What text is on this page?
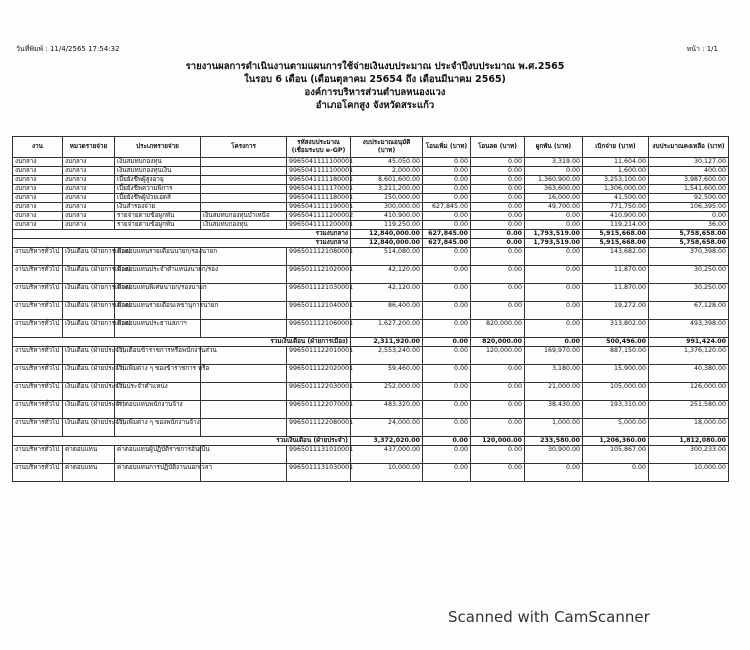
วันที่พิมพ์ : 11/4/2565 17:54:32	หน้า : 1/1
รายงานผลการดำเนินงานตามแผนการใช้จ่ายเงินงบประมาณ ประจำปีงบประมาณ พ.ศ.2565
ในรอบ 6 เดือน (เดือนตุลาคม 25654 ถึง เดือนมีนาคม 2565)
องค์การบริหารส่วนตำบลหนองแวง
อำเภอโคกสูง จังหวัดสระแก้ว
งาน	หมวดรายจ่าย	ประเภทรายจ่าย	โครงการ	รหัสงบประมาณ (เชื่อมระบบ e-GP)	งบประมาณอนุมัติ (บาท)	โอนเพิ่ม (บาท)	โอนลด (บาท)	ผูกพัน (บาท)	เบิกจ่าย (บาท)	งบประมาณคงเหลือ (บาท)
งบกลาง	งบกลาง	เงินสมทบกองทุน		9965041111100001	45,050.00	0.00	0.00	3,319.00	11,604.00	30,127.00
งบกลาง	งบกลาง	เงินสมทบกองทุนเงิน		9965041111100001	2,000.00	0.00	0.00	0.00	1,600.00	400.00
งบกลาง	งบกลาง	เบี้ยยังชีพผู้สูงอายุ		9965041111180001	8,601,600.00	0.00	0.00	1,360,900.00	3,253,100.00	3,987,600.00
งบกลาง	งบกลาง	เบี้ยยังชีพความพิการ		9965041111170001	3,211,200.00	0.00	0.00	363,600.00	1,306,000.00	1,541,600.00
งบกลาง	งบกลาง	เบี้ยยังชีพผู้ป่วยเอดส์		9965041111180001	150,000.00	0.00	0.00	16,000.00	41,500.00	92,500.00
งบกลาง	งบกลาง	เงินสำรองจ่าย		9965041111190001	300,000.00	627,845.00	0.00	49,700.00	771,750.00	106,395.00
งบกลาง	งบกลาง	รายจ่ายตามข้อผูกพัน	เงินสมทบกองทุนบำเหน็จ	9965041111200002	410,900.00	0.00	0.00	0.00	410,900.00	0.00
งบกลาง	งบกลาง	รายจ่ายตามข้อผูกพัน	เงินสมทบกองทุน	9965041111200001	119,250.00	0.00	0.00	0.00	119,214.00	36.00
รวมงบกลาง					12,840,000.00	627,845.00	0.00	1,793,519.00	5,915,668.00	5,758,658.00
รวมงบกลาง					12,840,000.00	627,845.00	0.00	1,793,519.00	5,915,668.00	5,758,658.00
งานบริหารทั่วไป	เงินเดือน (ฝ่ายการเมือง)	ค่าตอบแทนรายเดือนนายก/รองนายก		9965011121080001	514,080.00	0.00	0.00	0.00	143,682.00	370,398.00
งานบริหารทั่วไป	เงินเดือน (ฝ่ายการเมือง)	ค่าตอบแทนประจำตำแหน่งนายก/รอง		9965011121020001	42,120.00	0.00	0.00	0.00	11,870.00	30,250.00
งานบริหารทั่วไป	เงินเดือน (ฝ่ายการเมือง)	ค่าตอบแทนพิเศษนายก/รองนายก		9965011121030001	42,120.00	0.00	0.00	0.00	11,870.00	30,250.00
งานบริหารทั่วไป	เงินเดือน (ฝ่ายการเมือง)	ค่าตอบแทนรายเดือนเลขานุการนายก		9965011121040001	86,400.00	0.00	0.00	0.00	19,272.00	67,128.00
งานบริหารทั่วไป	เงินเดือน (ฝ่ายการเมือง)	ค่าตอบแทนประธานสภาฯ		9965011121060001	1,627,200.00	0.00	820,000.00	0.00	313,802.00	493,398.00
รวมเงินเดือน (ฝ่ายการเมือง)					2,311,920.00	0.00	820,000.00	0.00	500,496.00	991,424.00
งานบริหารทั่วไป	เงินเดือน (ฝ่ายประจำ)	เงินเดือนข้าราชการหรือพนักงานส่วน		9965011122010001	2,553,240.00	0.00	120,000.00	169,970.00	887,150.00	1,376,120.00
งานบริหารทั่วไป	เงินเดือน (ฝ่ายประจำ)	เงินเพิ่มต่าง ๆ ของข้าราชการ หรือ		9965011122020001	59,460.00	0.00	0.00	3,180.00	15,900.00	40,380.00
งานบริหารทั่วไป	เงินเดือน (ฝ่ายประจำ)	เงินประจำตำแหน่ง		9965011122030001	252,000.00	0.00	0.00	21,000.00	105,000.00	126,000.00
งานบริหารทั่วไป	เงินเดือน (ฝ่ายประจำ)	ค่าตอบแทนพนักงานจ้าง		9965011122070001	483,320.00	0.00	0.00	38,430.00	193,310.00	251,580.00
งานบริหารทั่วไป	เงินเดือน (ฝ่ายประจำ)	เงินเพิ่มต่าง ๆ ของพนักงานจ้าง		9965011122080001	24,000.00	0.00	0.00	1,000.00	5,000.00	18,000.00
รวมเงินเดือน (ฝ่ายประจำ)					3,372,020.00	0.00	120,000.00	233,580.00	1,206,360.00	1,812,080.00
งานบริหารทั่วไป	ค่าตอบแทน	ค่าตอบแทนผู้ปฏิบัติราชการอันเป็น		9965011131010001	437,000.00	0.00	0.00	30,900.00	105,867.00	300,233.00
งานบริหารทั่วไป	ค่าตอบแทน	ค่าตอบแทนการปฏิบัติงานนอกเวลา		9965011131030001	10,000.00	0.00	0.00	0.00	0.00	10,000.00
Scanned with CamScanner
